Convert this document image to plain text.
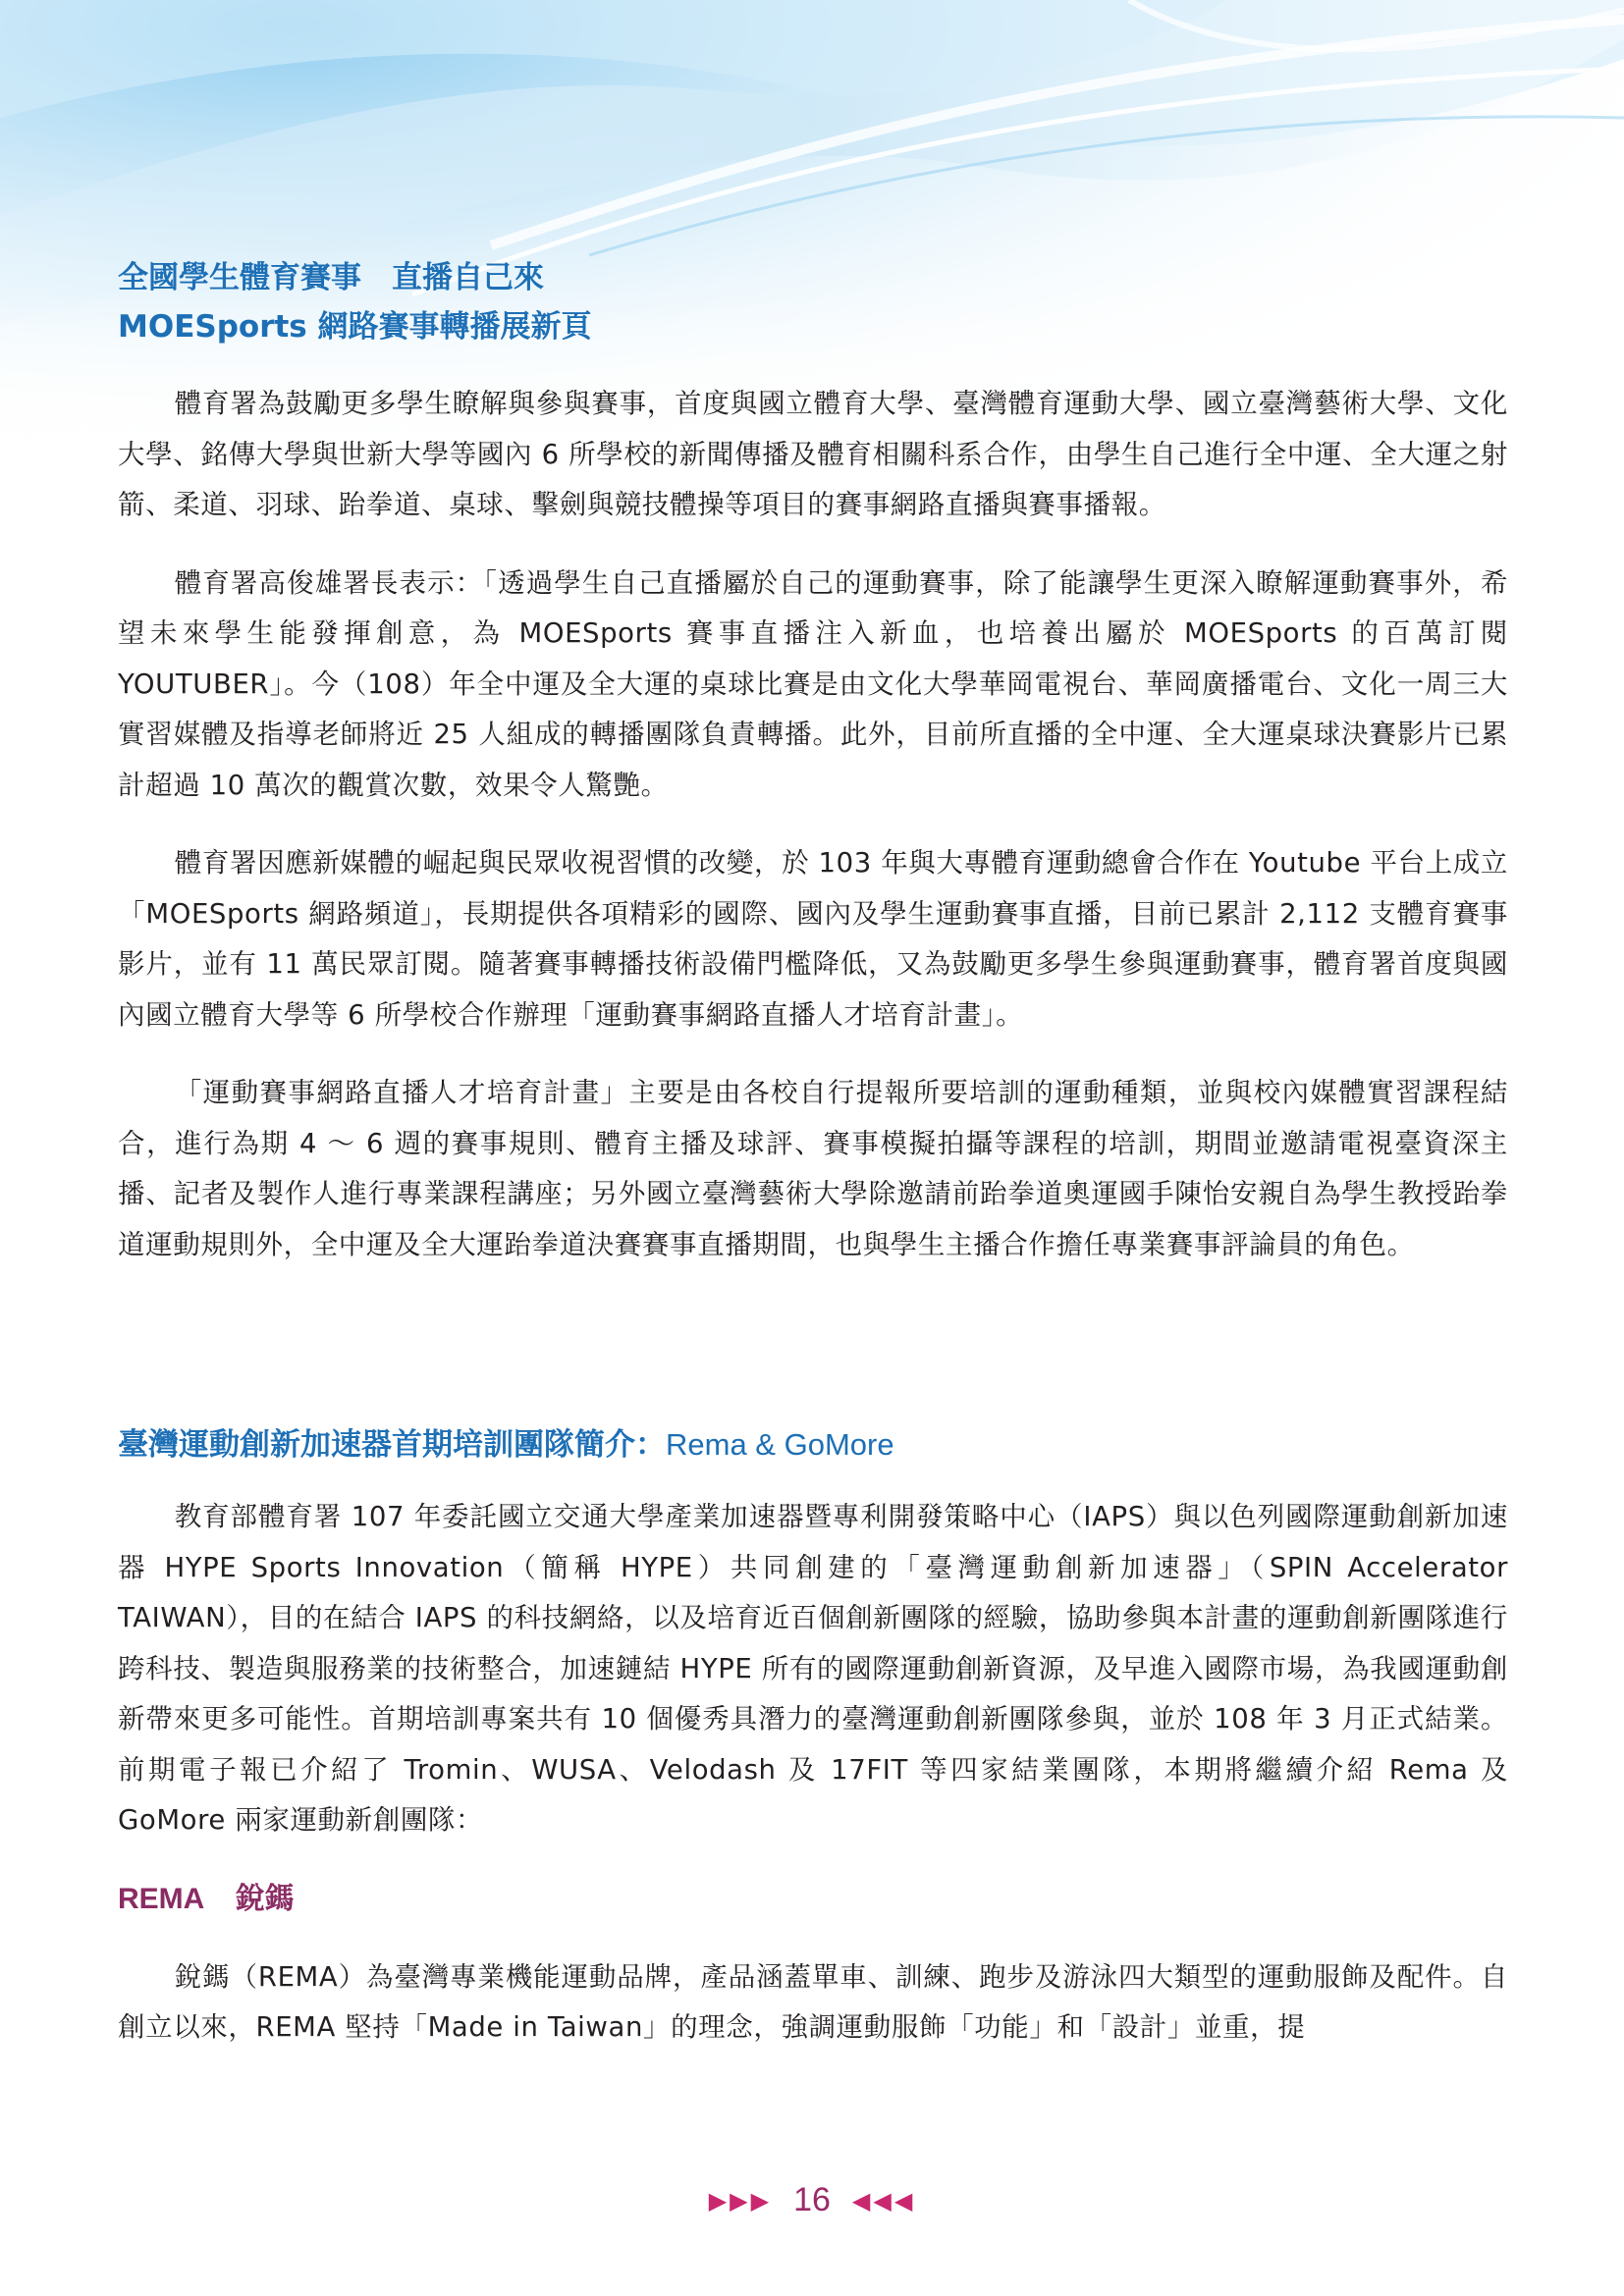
全國學生體育賽事　直播自己來
MOESports 網路賽事轉播展新頁

體育署為鼓勵更多學生瞭解與參與賽事，首度與國立體育大學、臺灣體育運動大學、國立臺灣藝術大學、文化大學、銘傳大學與世新大學等國內 6 所學校的新聞傳播及體育相關科系合作，由學生自己進行全中運、全大運之射箭、柔道、羽球、跆拳道、桌球、擊劍與競技體操等項目的賽事網路直播與賽事播報。

體育署高俊雄署長表示：「透過學生自己直播屬於自己的運動賽事，除了能讓學生更深入瞭解運動賽事外，希望未來學生能發揮創意，為 MOESports 賽事直播注入新血，也培養出屬於 MOESports 的百萬訂閱 YOUTUBER」。今（108）年全中運及全大運的桌球比賽是由文化大學華岡電視台、華岡廣播電台、文化一周三大實習媒體及指導老師將近 25 人組成的轉播團隊負責轉播。此外，目前所直播的全中運、全大運桌球決賽影片已累計超過 10 萬次的觀賞次數，效果令人驚艷。

體育署因應新媒體的崛起與民眾收視習慣的改變，於 103 年與大專體育運動總會合作在 Youtube 平台上成立「MOESports 網路頻道」，長期提供各項精彩的國際、國內及學生運動賽事直播，目前已累計 2,112 支體育賽事影片，並有 11 萬民眾訂閱。隨著賽事轉播技術設備門檻降低，又為鼓勵更多學生參與運動賽事，體育署首度與國內國立體育大學等 6 所學校合作辦理「運動賽事網路直播人才培育計畫」。

「運動賽事網路直播人才培育計畫」主要是由各校自行提報所要培訓的運動種類，並與校內媒體實習課程結合，進行為期 4 ～ 6 週的賽事規則、體育主播及球評、賽事模擬拍攝等課程的培訓，期間並邀請電視臺資深主播、記者及製作人進行專業課程講座；另外國立臺灣藝術大學除邀請前跆拳道奧運國手陳怡安親自為學生教授跆拳道運動規則外，全中運及全大運跆拳道決賽賽事直播期間，也與學生主播合作擔任專業賽事評論員的角色。

臺灣運動創新加速器首期培訓團隊簡介：Rema & GoMore

教育部體育署 107 年委託國立交通大學產業加速器暨專利開發策略中心（IAPS）與以色列國際運動創新加速器 HYPE Sports Innovation（簡稱 HYPE）共同創建的「臺灣運動創新加速器」（SPIN Accelerator TAIWAN），目的在結合 IAPS 的科技網絡，以及培育近百個創新團隊的經驗，協助參與本計畫的運動創新團隊進行跨科技、製造與服務業的技術整合，加速鏈結 HYPE 所有的國際運動創新資源，及早進入國際市場，為我國運動創新帶來更多可能性。首期培訓專案共有 10 個優秀具潛力的臺灣運動創新團隊參與，並於 108 年 3 月正式結業。前期電子報已介紹了 Tromin、WUSA、Velodash 及 17FIT 等四家結業團隊，本期將繼續介紹 Rema 及 GoMore 兩家運動新創團隊：

REMA 銳鎷

銳鎷（REMA）為臺灣專業機能運動品牌，產品涵蓋單車、訓練、跑步及游泳四大類型的運動服飾及配件。自創立以來，REMA 堅持「Made in Taiwan」的理念，強調運動服飾「功能」和「設計」並重，提

▶▶▶ 16 ◀◀◀
